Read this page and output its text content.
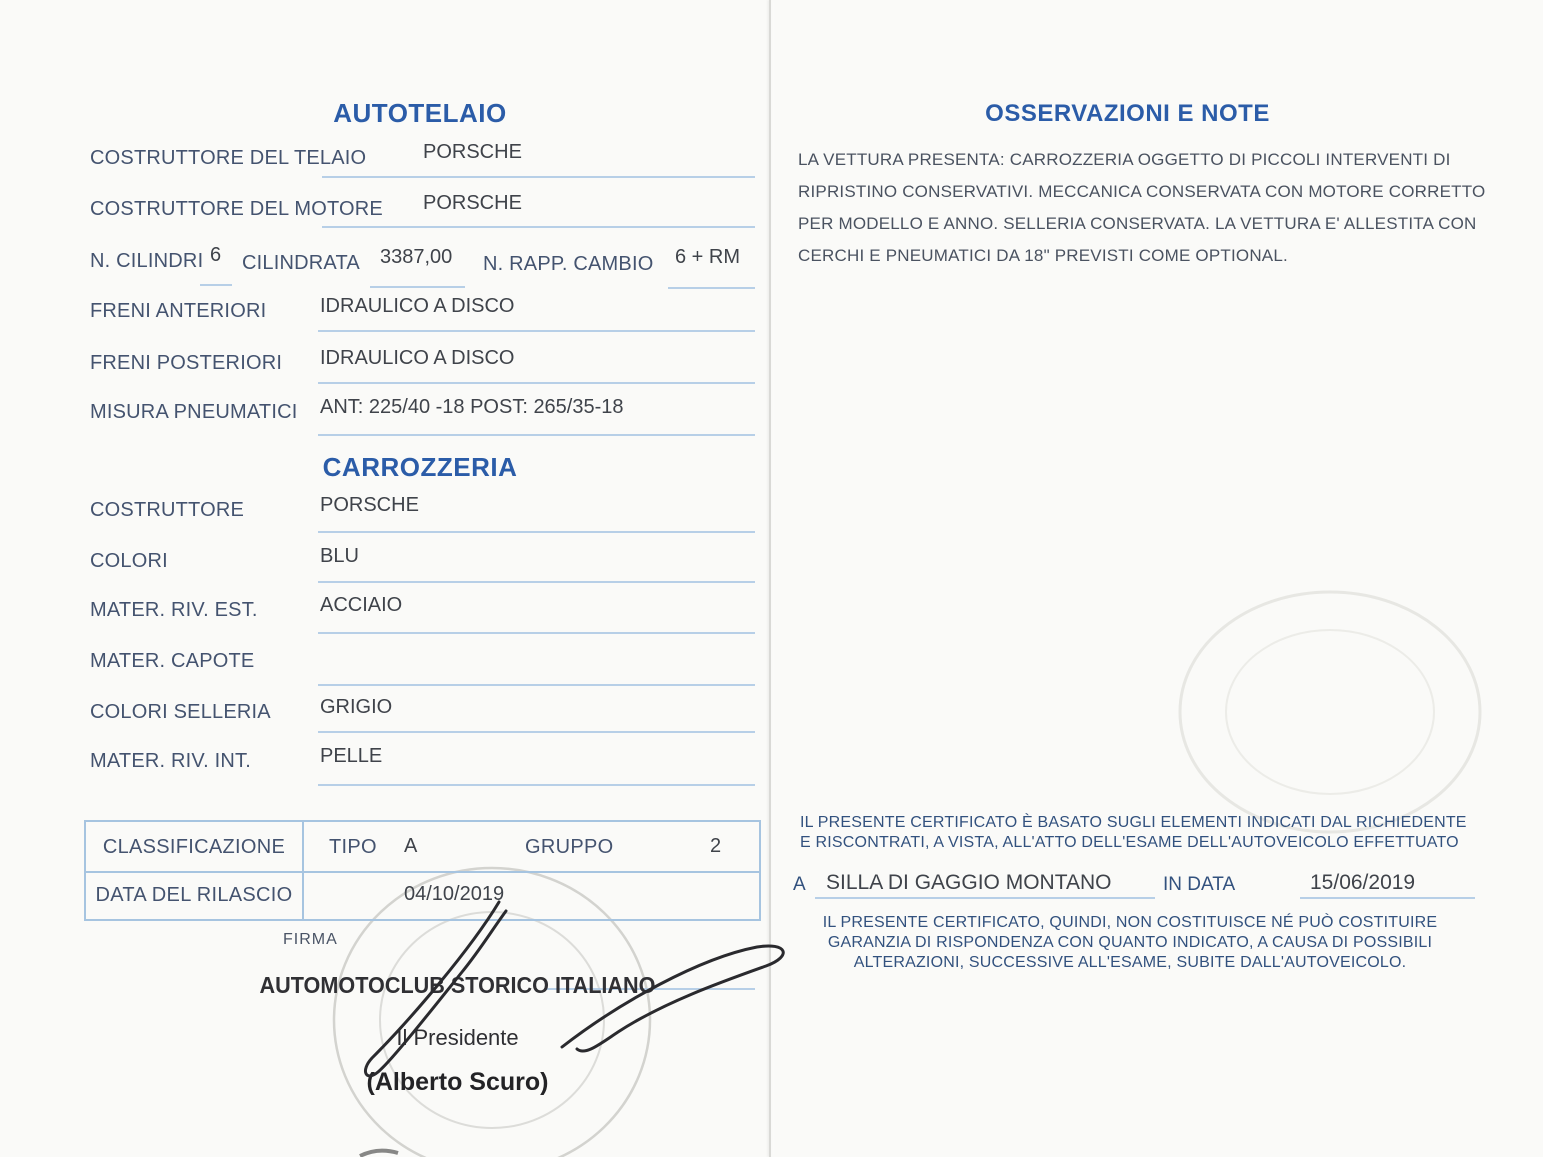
AUTOTELAIO
COSTRUTTORE DEL TELAIO	PORSCHE
COSTRUTTORE DEL MOTORE PORSCHE
N. CILINDRI 6 CILINDRATA 3387,00 N. RAPP. CAMBIO 6 + RM
FRENI ANTERIORI	IDRAULICO A DISCO
FRENI POSTERIORI IDRAULICO A DISCO
MISURA PNEUMATICI ANT: 225/40 -18 POST: 265/35-18
CARROZZERIA
COSTRUTTORE	PORSCHE
COLORI	BLU
MATER. RIV. EST.	ACCIAIO
MATER. CAPOTE
COLORI SELLERIA GRIGIO
MATER. RIV. INT.	PELLE
CLASSIFICAZIONE	TIPO A	GRUPPO	2
DATA DEL RILASCIO	04/10/2019
FIRMA
AUTOMOTOCLUB STORICO ITALIANO
Il Presidente
(Alberto Scuro)
OSSERVAZIONI E NOTE
LA VETTURA PRESENTA: CARROZZERIA OGGETTO DI PICCOLI INTERVENTI DI
RIPRISTINO CONSERVATIVI. MECCANICA CONSERVATA CON MOTORE CORRETTO
PER MODELLO E ANNO. SELLERIA CONSERVATA. LA VETTURA E' ALLESTITA CON
CERCHI E PNEUMATICI DA 18" PREVISTI COME OPTIONAL.
IL PRESENTE CERTIFICATO È BASATO SUGLI ELEMENTI INDICATI DAL RICHIEDENTE
E RISCONTRATI, A VISTA, ALL'ATTO DELL'ESAME DELL'AUTOVEICOLO EFFETTUATO
A SILLA DI GAGGIO MONTANO	IN DATA	15/06/2019
IL PRESENTE CERTIFICATO, QUINDI, NON COSTITUISCE NÉ PUÒ COSTITUIRE
GARANZIA DI RISPONDENZA CON QUANTO INDICATO, A CAUSA DI POSSIBILI
ALTERAZIONI, SUCCESSIVE ALL'ESAME, SUBITE DALL'AUTOVEICOLO.
